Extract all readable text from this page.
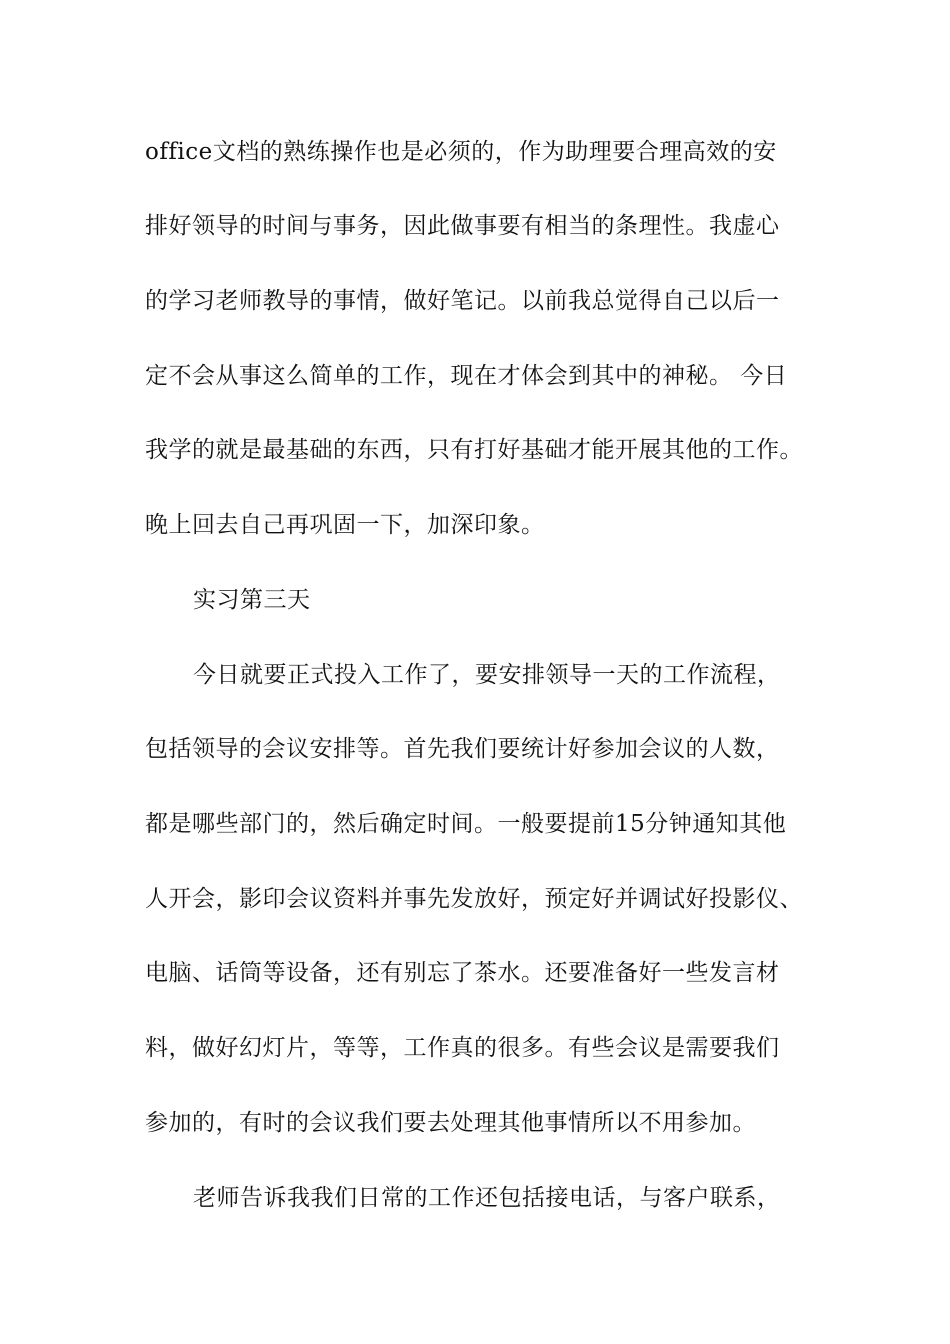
office文档的熟练操作也是必须的，作为助理要合理高效的安
排好领导的时间与事务，因此做事要有相当的条理性。我虚心
的学习老师教导的事情，做好笔记。以前我总觉得自己以后一
定不会从事这么简单的工作，现在才体会到其中的神秘。 今日
我学的就是最基础的东西，只有打好基础才能开展其他的工作。
晚上回去自己再巩固一下，加深印象。
实习第三天
今日就要正式投入工作了，要安排领导一天的工作流程，
包括领导的会议安排等。首先我们要统计好参加会议的人数，
都是哪些部门的，然后确定时间。一般要提前15分钟通知其他
人开会，影印会议资料并事先发放好，预定好并调试好投影仪、
电脑、话筒等设备，还有别忘了茶水。还要准备好一些发言材
料，做好幻灯片，等等，工作真的很多。有些会议是需要我们
参加的，有时的会议我们要去处理其他事情所以不用参加。
老师告诉我我们日常的工作还包括接电话，与客户联系，
